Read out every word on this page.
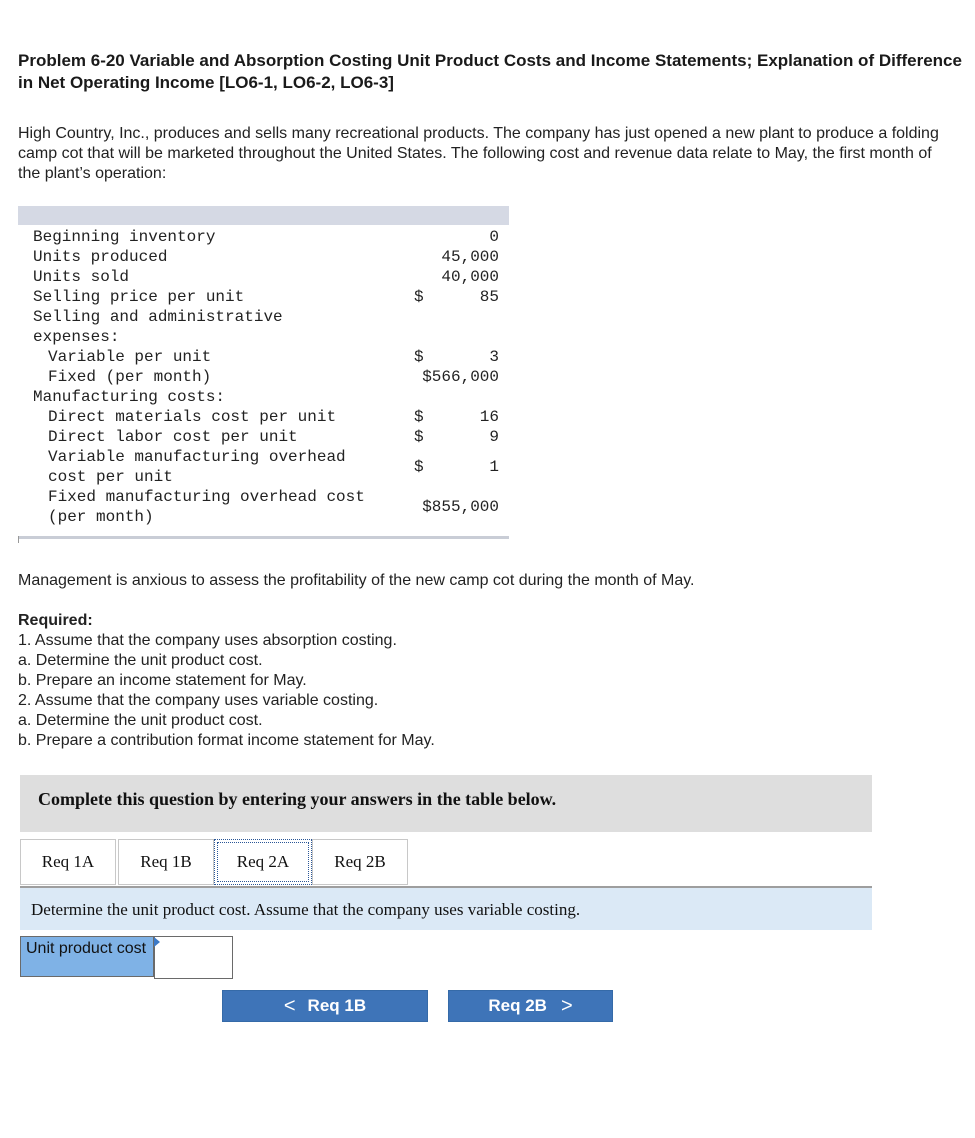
Problem 6-20 Variable and Absorption Costing Unit Product Costs and Income Statements; Explanation of Difference in Net Operating Income [LO6-1, LO6-2, LO6-3]

High Country, Inc., produces and sells many recreational products. The company has just opened a new plant to produce a folding camp cot that will be marketed throughout the United States. The following cost and revenue data relate to May, the first month of the plant’s operation:

Beginning inventory	0
Units produced	45,000
Units sold	40,000
Selling price per unit	$	85
Selling and administrative
expenses:
Variable per unit	$	3
Fixed (per month)	$566,000
Manufacturing costs:
Direct materials cost per unit	$	16
Direct labor cost per unit	$	9
Variable manufacturing overhead
$	1
cost per unit
Fixed manufacturing overhead cost
$855,000
(per month)

Management is anxious to assess the profitability of the new camp cot during the month of May.

Required:
1. Assume that the company uses absorption costing.
a. Determine the unit product cost.
b. Prepare an income statement for May.
2. Assume that the company uses variable costing.
a. Determine the unit product cost.
b. Prepare a contribution format income statement for May.
Complete this question by entering your answers in the table below.
Req 1A	Req 1B	Req 2A	Req 2B
Determine the unit product cost. Assume that the company uses variable costing.
Unit product cost
< Req 1B	Req 2B >
